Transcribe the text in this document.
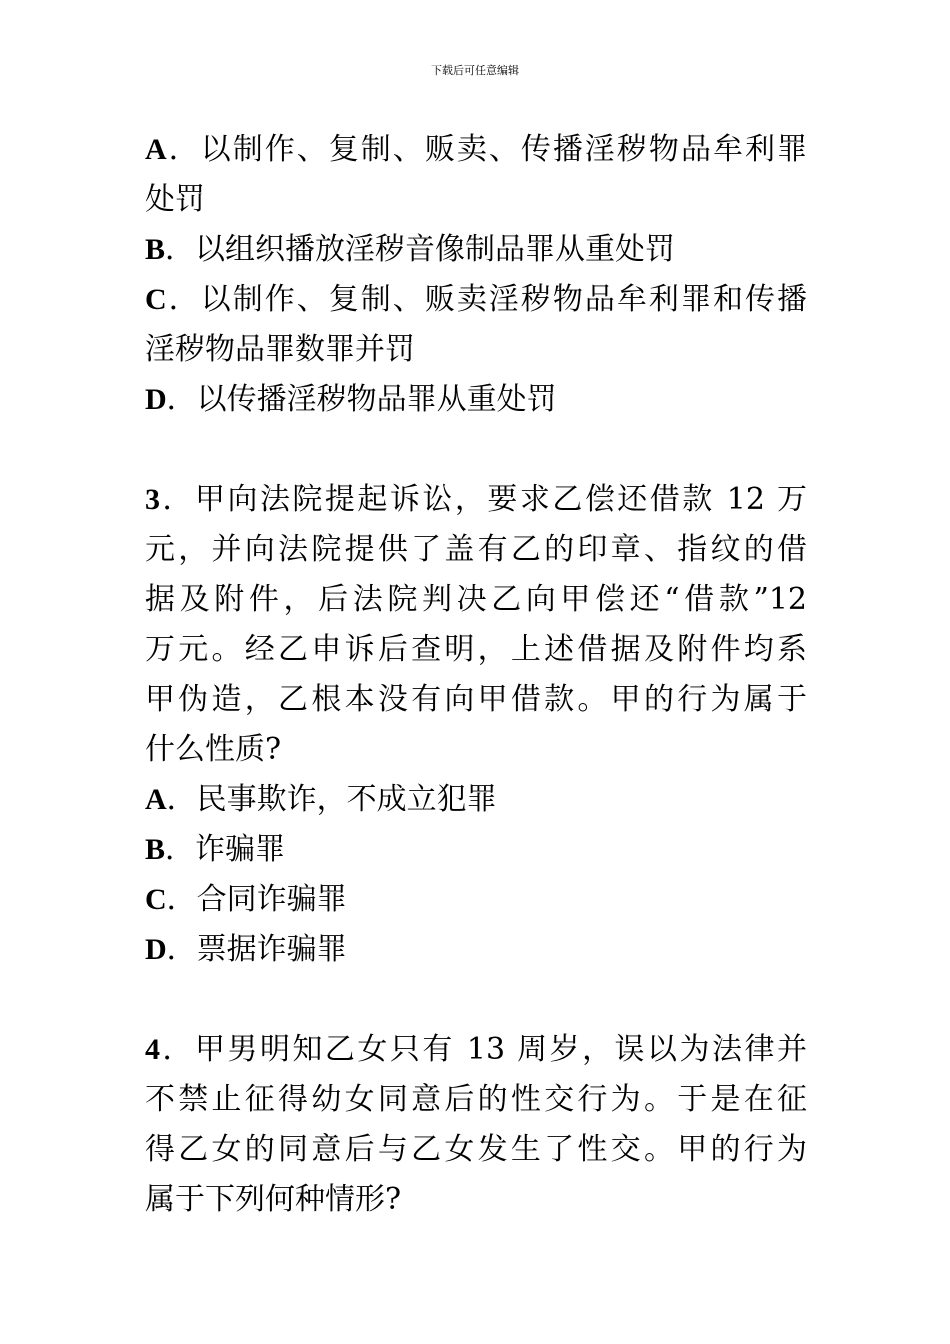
下载后可任意编辑
A．以制作、复制、贩卖、传播淫秽物品牟利罪
处罚
B．以组织播放淫秽音像制品罪从重处罚
C．以制作、复制、贩卖淫秽物品牟利罪和传播
淫秽物品罪数罪并罚
D．以传播淫秽物品罪从重处罚
3．甲向法院提起诉讼，要求乙偿还借款 12 万
元，并向法院提供了盖有乙的印章、指纹的借
据及附件，后法院判决乙向甲偿还“借款”12
万元。经乙申诉后查明，上述借据及附件均系
甲伪造，乙根本没有向甲借款。甲的行为属于
什么性质?
A．民事欺诈，不成立犯罪
B．诈骗罪
C．合同诈骗罪
D．票据诈骗罪
4．甲男明知乙女只有 13 周岁，误以为法律并
不禁止征得幼女同意后的性交行为。于是在征
得乙女的同意后与乙女发生了性交。甲的行为
属于下列何种情形?
